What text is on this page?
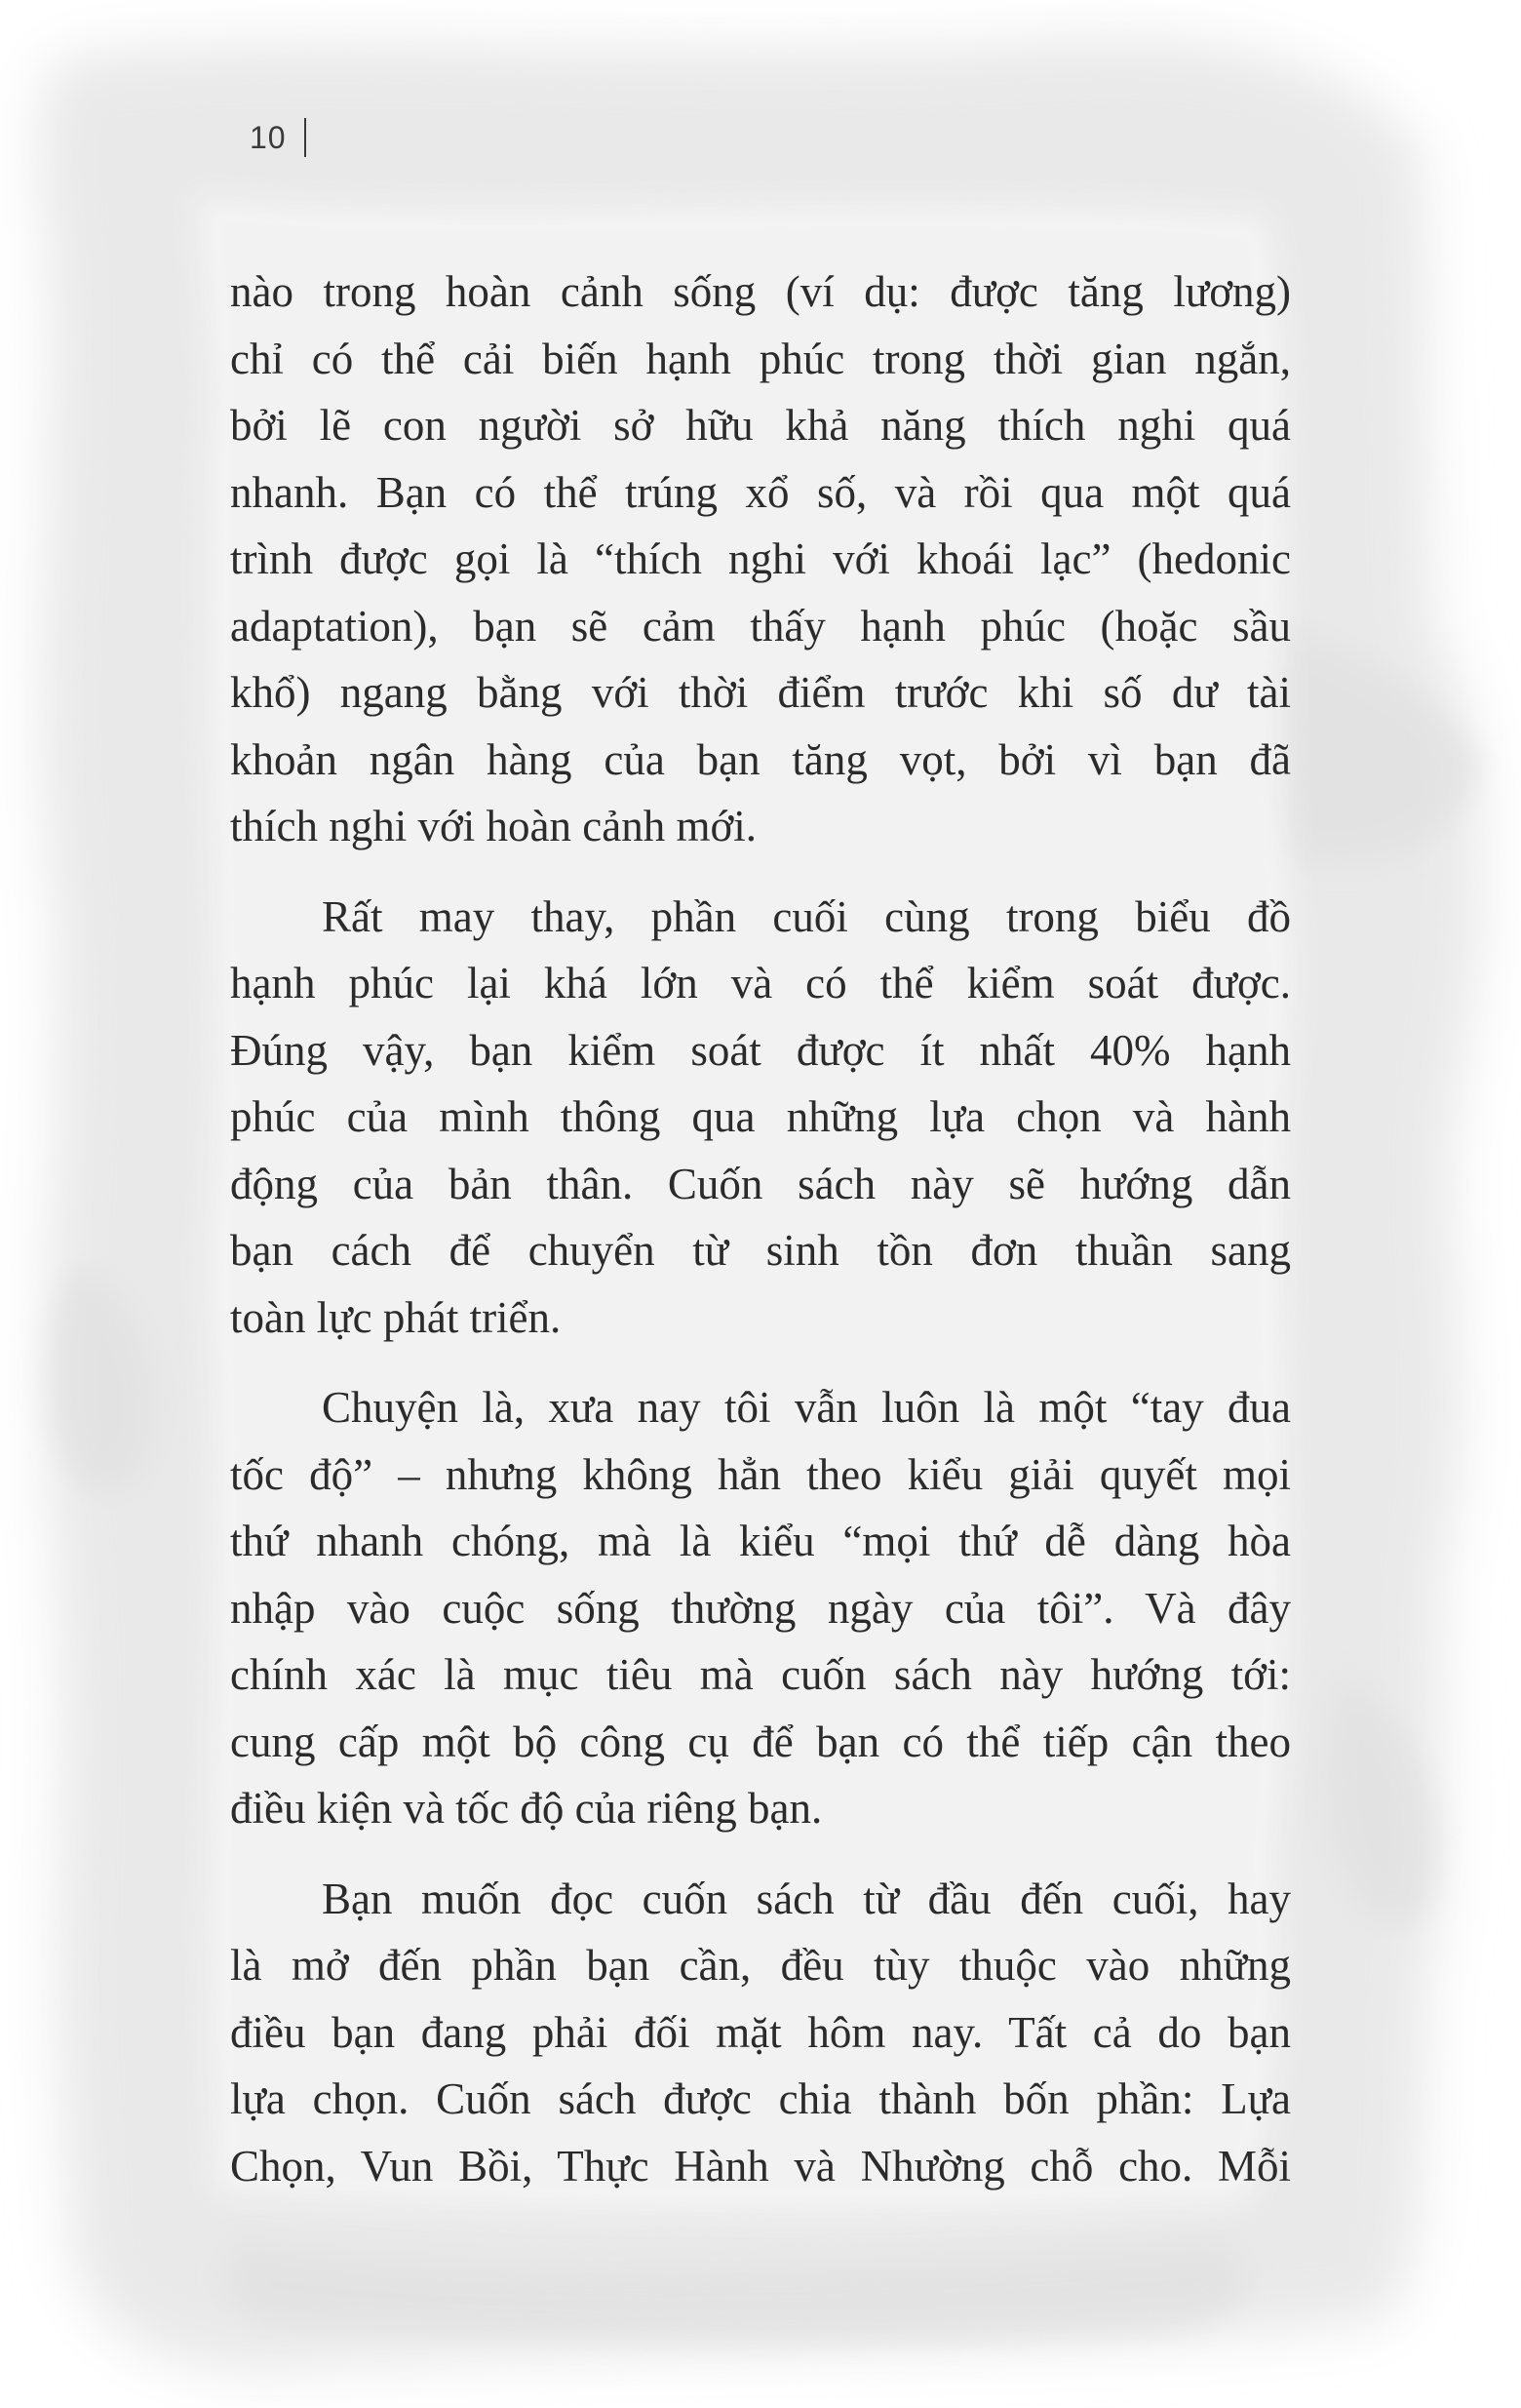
10

nào trong hoàn cảnh sống (ví dụ: được tăng lương)
chỉ có thể cải biến hạnh phúc trong thời gian ngắn,
bởi lẽ con người sở hữu khả năng thích nghi quá
nhanh. Bạn có thể trúng xổ số, và rồi qua một quá
trình được gọi là “thích nghi với khoái lạc” (hedonic
adaptation), bạn sẽ cảm thấy hạnh phúc (hoặc sầu
khổ) ngang bằng với thời điểm trước khi số dư tài
khoản ngân hàng của bạn tăng vọt, bởi vì bạn đã
thích nghi với hoàn cảnh mới.

Rất may thay, phần cuối cùng trong biểu đồ
hạnh phúc lại khá lớn và có thể kiểm soát được.
Đúng vậy, bạn kiểm soát được ít nhất 40% hạnh
phúc của mình thông qua những lựa chọn và hành
động của bản thân. Cuốn sách này sẽ hướng dẫn
bạn cách để chuyển từ sinh tồn đơn thuần sang
toàn lực phát triển.

Chuyện là, xưa nay tôi vẫn luôn là một “tay đua
tốc độ” – nhưng không hẳn theo kiểu giải quyết mọi
thứ nhanh chóng, mà là kiểu “mọi thứ dễ dàng hòa
nhập vào cuộc sống thường ngày của tôi”. Và đây
chính xác là mục tiêu mà cuốn sách này hướng tới:
cung cấp một bộ công cụ để bạn có thể tiếp cận theo
điều kiện và tốc độ của riêng bạn.

Bạn muốn đọc cuốn sách từ đầu đến cuối, hay
là mở đến phần bạn cần, đều tùy thuộc vào những
điều bạn đang phải đối mặt hôm nay. Tất cả do bạn
lựa chọn. Cuốn sách được chia thành bốn phần: Lựa
Chọn, Vun Bồi, Thực Hành và Nhường chỗ cho. Mỗi
